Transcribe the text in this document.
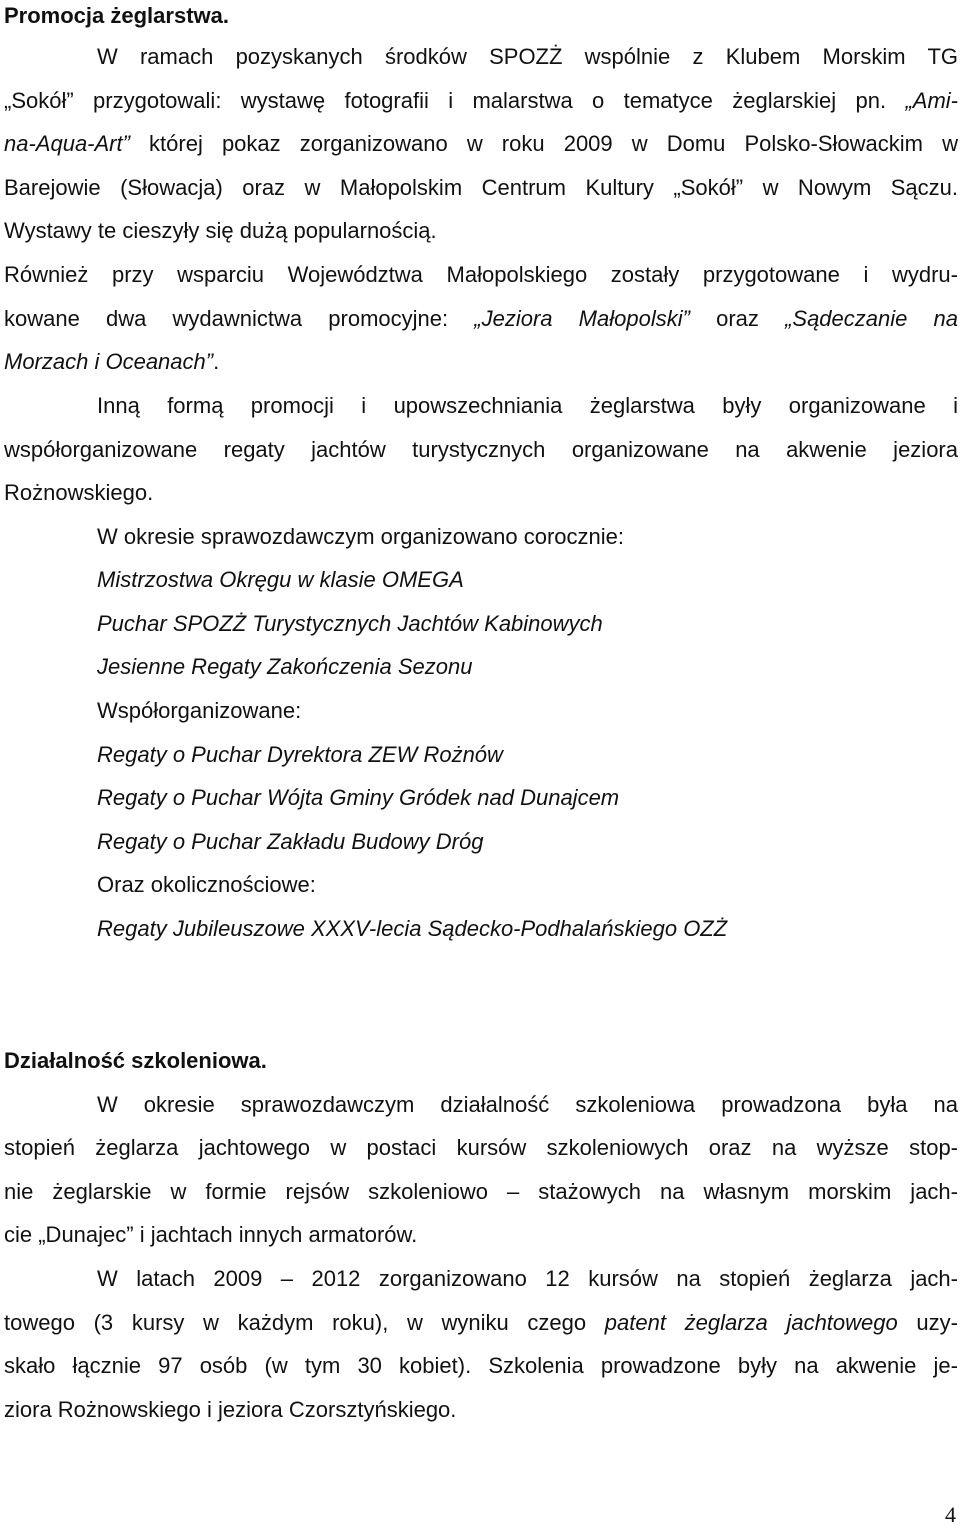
Promocja żeglarstwa.
W ramach pozyskanych środków SPOZŻ wspólnie z Klubem Morskim TG
„Sokół” przygotowali: wystawę fotografii i malarstwa o tematyce żeglarskiej pn. „Ami-
na-Aqua-Art” której pokaz zorganizowano w roku 2009 w Domu Polsko-Słowackim w
Barejowie (Słowacja) oraz w Małopolskim Centrum Kultury „Sokół” w Nowym Sączu.
Wystawy te cieszyły się dużą popularnością.
Również przy wsparciu Województwa Małopolskiego zostały przygotowane i wydru-
kowane dwa wydawnictwa promocyjne: „Jeziora Małopolski” oraz „Sądeczanie na
Morzach i Oceanach”.
Inną formą promocji i upowszechniania żeglarstwa były organizowane i
współorganizowane regaty jachtów turystycznych organizowane na akwenie jeziora
Rożnowskiego.
W okresie sprawozdawczym organizowano corocznie:
Mistrzostwa Okręgu w klasie OMEGA
Puchar SPOZŻ Turystycznych Jachtów Kabinowych
Jesienne Regaty Zakończenia Sezonu
Współorganizowane:
Regaty o Puchar Dyrektora ZEW Rożnów
Regaty o Puchar Wójta Gminy Gródek nad Dunajcem
Regaty o Puchar Zakładu Budowy Dróg
Oraz okolicznościowe:
Regaty Jubileuszowe XXXV-lecia Sądecko-Podhalańskiego OZŻ
Działalność szkoleniowa.
W okresie sprawozdawczym działalność szkoleniowa prowadzona była na
stopień żeglarza jachtowego w postaci kursów szkoleniowych oraz na wyższe stop-
nie żeglarskie w formie rejsów szkoleniowo – stażowych na własnym morskim jach-
cie „Dunajec” i jachtach innych armatorów.
W latach 2009 – 2012 zorganizowano 12 kursów na stopień żeglarza jach-
towego (3 kursy w każdym roku), w wyniku czego patent żeglarza jachtowego uzy-
skało łącznie 97 osób (w tym 30 kobiet). Szkolenia prowadzone były na akwenie je-
ziora Rożnowskiego i jeziora Czorsztyńskiego.
4
